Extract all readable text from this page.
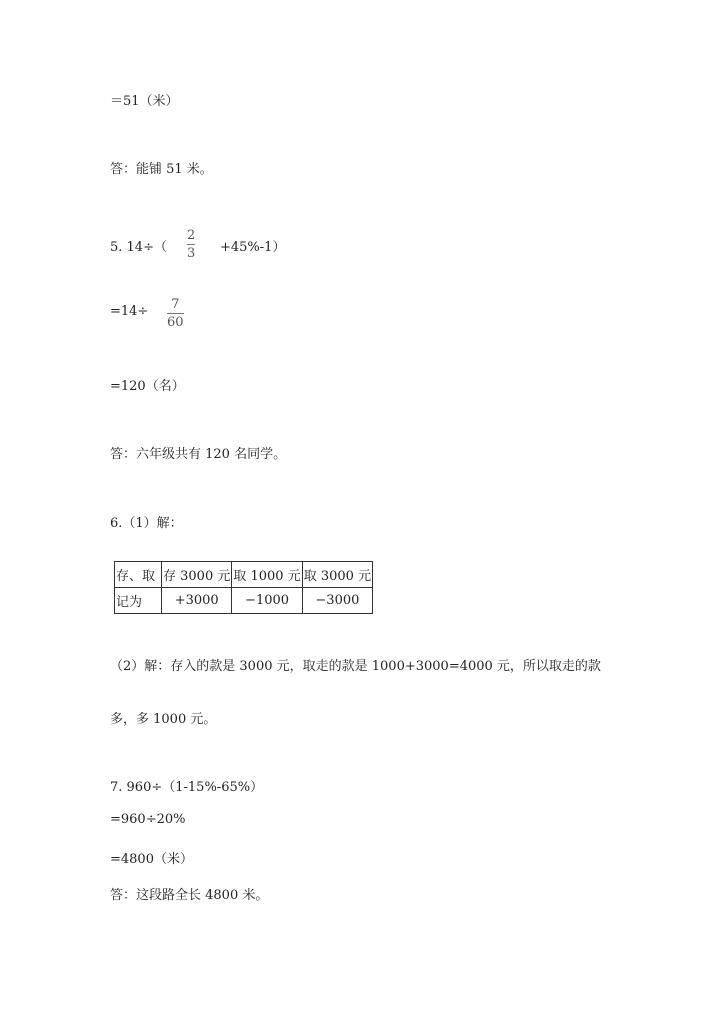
＝51（米）
答：能铺 51 米。
5. 14÷（
2
3 +45%-1）
=14÷ 7
60
=120（名）
答：六年级共有 120 名同学。
6.（1）解：
存、取	存 3000 元	取 1000 元	取 3000 元
记为	+3000	−1000	−3000
（2）解：存入的款是 3000 元，取走的款是 1000+3000=4000 元，所以取走的款
多，多 1000 元。
7. 960÷（1-15%-65%）
=960÷20%
=4800（米）
答：这段路全长 4800 米。
